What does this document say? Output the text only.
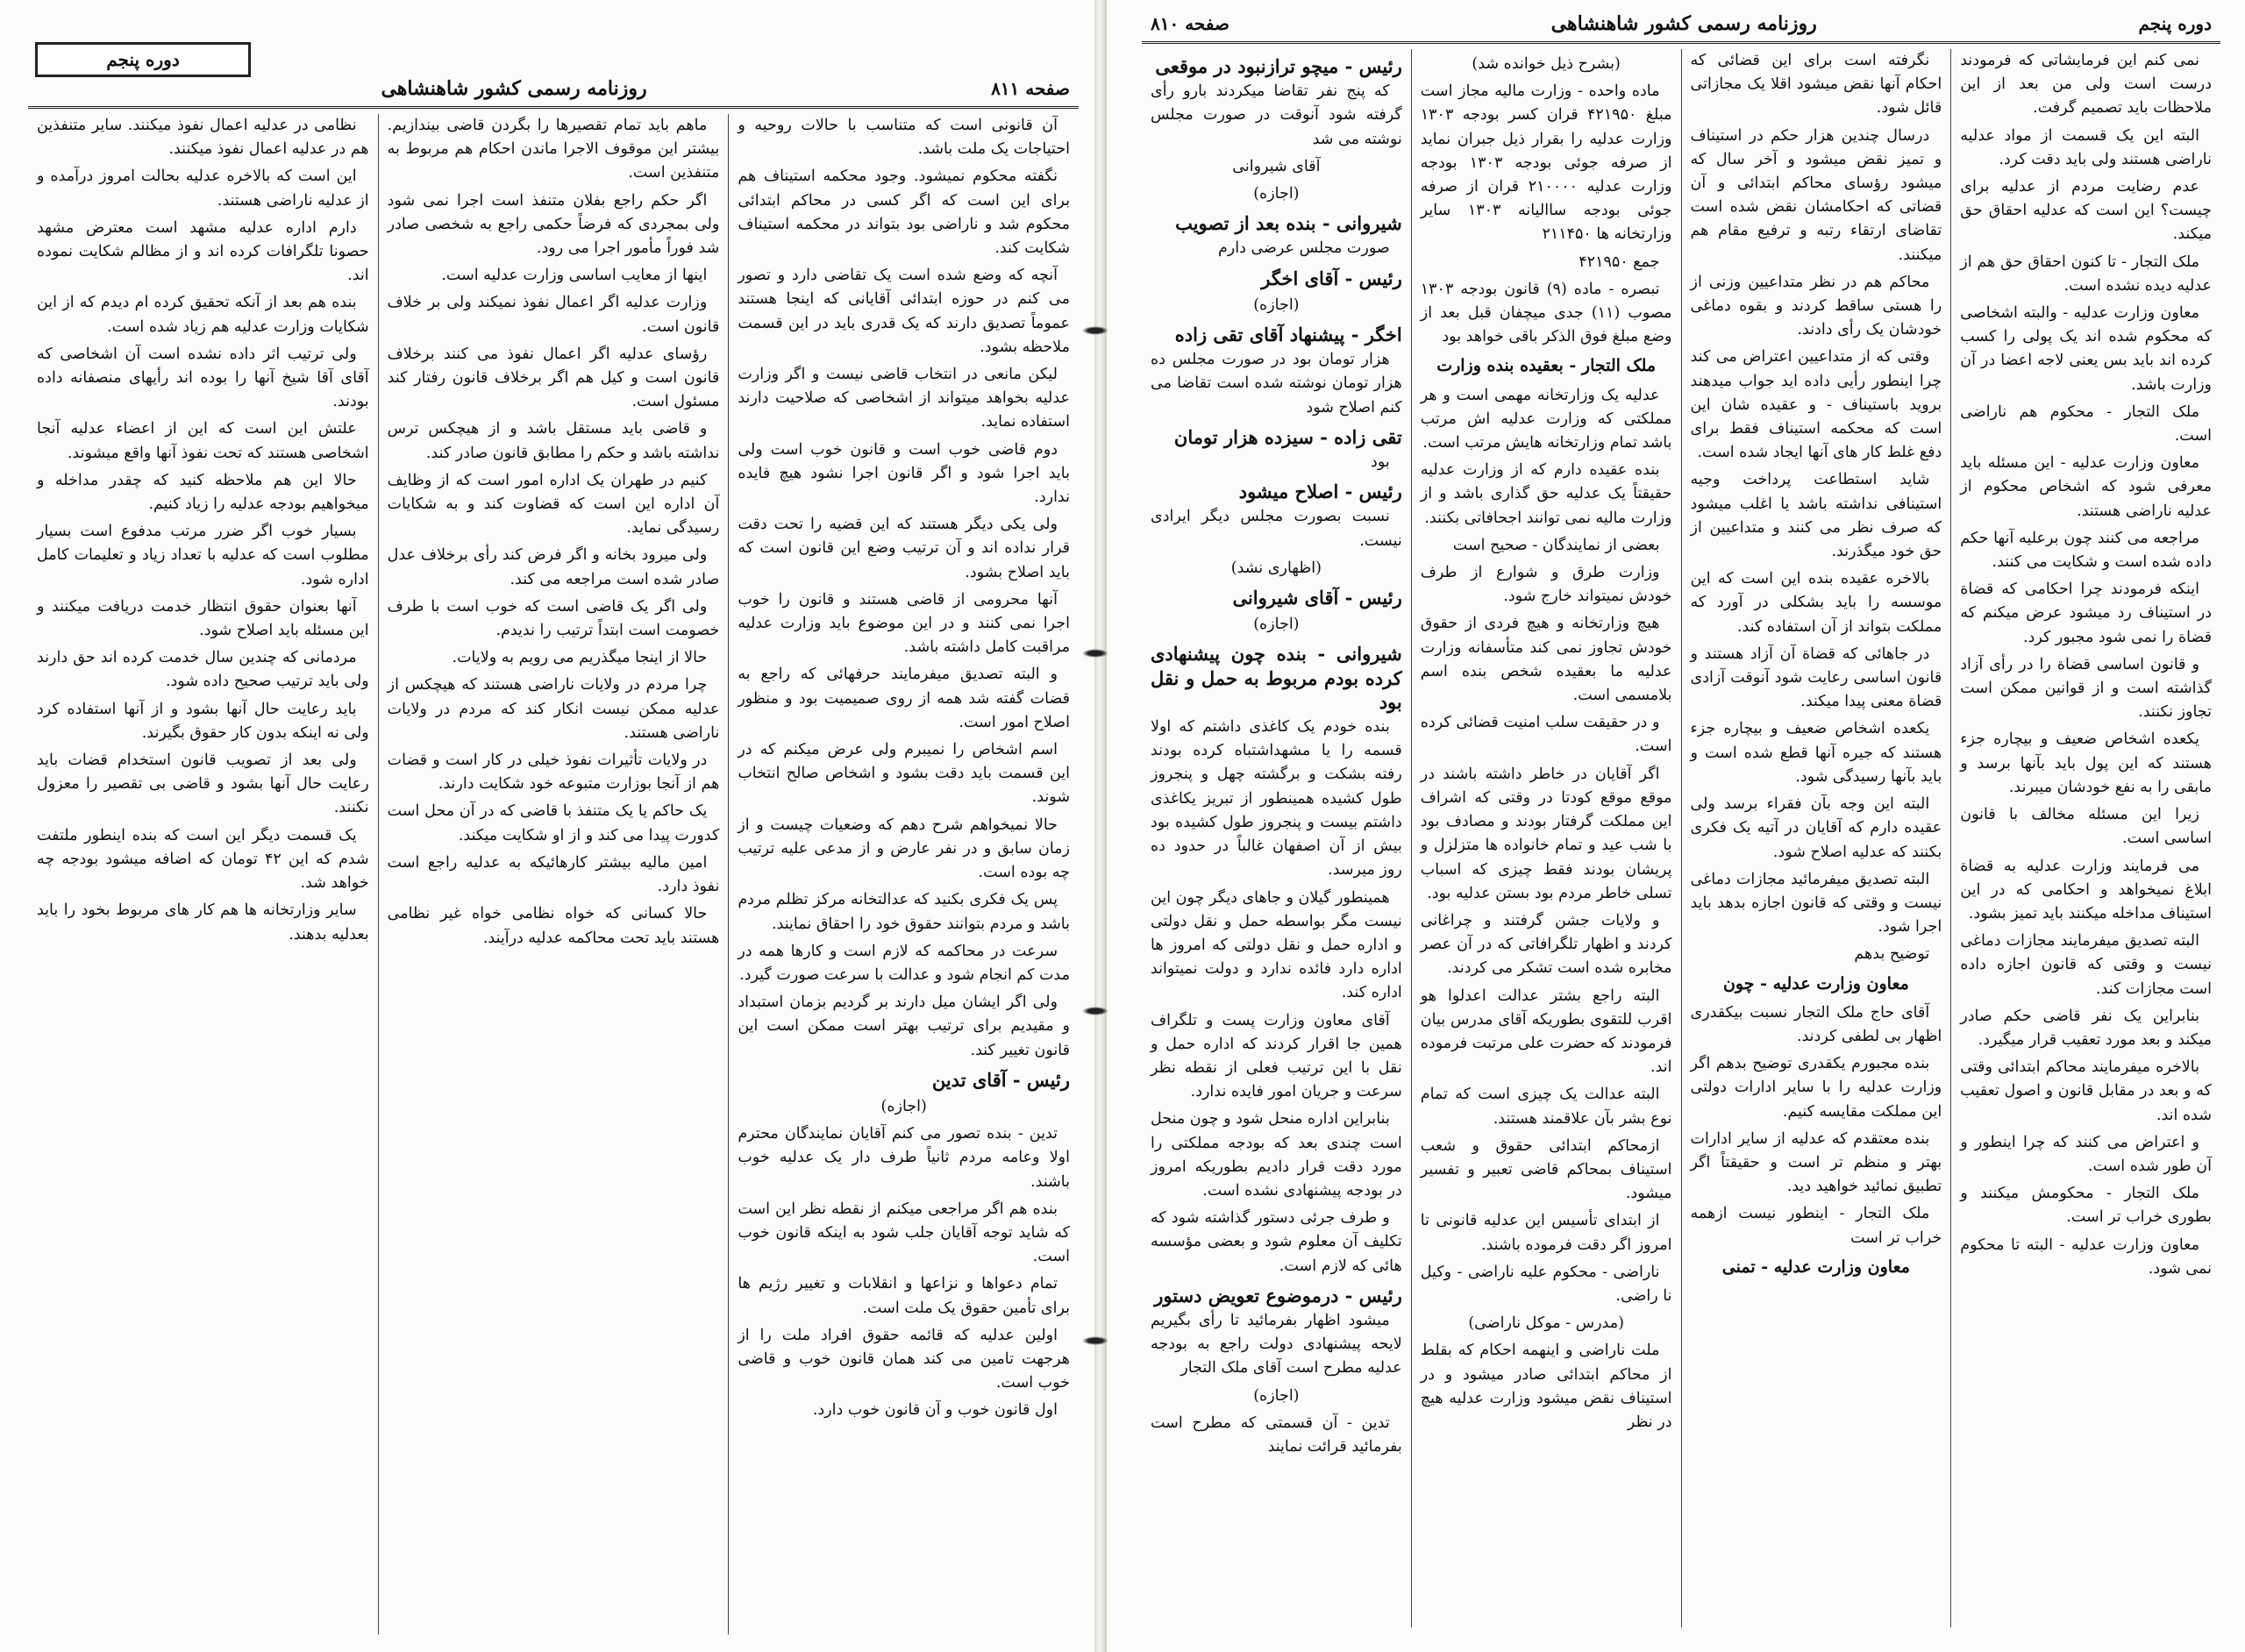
دوره پنجم
صفحه ۸۱۱
روزنامه رسمی کشور شاهنشاهی

آن قانونی است که متناسب با حالات روحیه و احتیاجات یک ملت باشد.

نگفته محکوم نمیشود. وجود محکمه استیناف هم برای این است که اگر کسی در محاکم ابتدائی محکوم شد و ناراضی بود بتواند در محکمه استیناف شکایت کند.

آنچه که وضع شده است یک تقاضی دارد و تصور می کنم در حوزه ابتدائی آقایانی که اینجا هستند عموماً تصدیق دارند که یک قدری باید در این قسمت ملاحظه بشود.

لیکن مانعی در انتخاب قاضی نیست و اگر وزارت عدلیه بخواهد میتواند از اشخاصی که صلاحیت دارند استفاده نماید.

دوم قاضی خوب است و قانون خوب است ولی باید اجرا شود و اگر قانون اجرا نشود هیچ فایده ندارد.

ولی یکی دیگر هستند که این قضیه را تحت دقت قرار نداده اند و آن ترتیب وضع این قانون است که باید اصلاح بشود.

آنها محرومی از قاضی هستند و قانون را خوب اجرا نمی کنند و در این موضوع باید وزارت عدلیه مراقبت کامل داشته باشد.

و البته تصدیق میفرمایند حرفهائی که راجع به قضات گفته شد همه از روی صمیمیت بود و منظور اصلاح امور است.

اسم اشخاص را نمیبرم ولی عرض میکنم که در این قسمت باید دقت بشود و اشخاص صالح انتخاب شوند.

حالا نمیخواهم شرح دهم که وضعیات چیست و از زمان سابق و در نفر عارض و از مدعی علیه ترتیب چه بوده است.

پس یک فکری بکنید که عدالتخانه مرکز تظلم مردم باشد و مردم بتوانند حقوق خود را احقاق نمایند.

سرعت در محاکمه که لازم است و کارها همه در مدت کم انجام شود و عدالت با سرعت صورت گیرد.

ولی اگر ایشان میل دارند بر گردیم بزمان استبداد و مقیدیم برای ترتیب بهتر است ممکن است این قانون تغییر کند.

رئیس - آقای تدین

(اجازه)

تدین - بنده تصور می کنم آقایان نمایندگان محترم اولا وعامه مردم ثانیاً طرف دار یک عدلیه خوب باشند.

بنده هم اگر مراجعی میکنم از نقطه نظر این است که شاید توجه آقایان جلب شود به اینکه قانون خوب است.

تمام دعواها و نزاعها و انقلابات و تغییر رژیم ها برای تأمین حقوق یک ملت است.

اولین عدلیه که قائمه حقوق افراد ملت را از هرجهت تامین می کند همان قانون خوب و قاضی خوب است.

اول قانون خوب و آن قانون خوب دارد.

ماهم باید تمام تقصیرها را بگردن قاضی بیندازیم. بیشتر این موقوف الاجرا ماندن احکام هم مربوط به متنفذین است.

اگر حکم راجع بفلان متنفذ است اجرا نمی شود ولی بمجردی که فرضاً حکمی راجع به شخصی صادر شد فوراً مأمور اجرا می رود.

اینها از معایب اساسی وزارت عدلیه است.

وزارت عدلیه اگر اعمال نفوذ نمیکند ولی بر خلاف قانون است.

رؤسای عدلیه اگر اعمال نفوذ می کنند برخلاف قانون است و کیل هم اگر برخلاف قانون رفتار کند مسئول است.

و قاضی باید مستقل باشد و از هیچکس ترس نداشته باشد و حکم را مطابق قانون صادر کند.

کنیم در طهران یک اداره امور است که از وظایف آن اداره این است که قضاوت کند و به شکایات رسیدگی نماید.

ولی میرود بخانه و اگر فرض کند رأی برخلاف عدل صادر شده است مراجعه می کند.

ولی اگر یک قاضی است که خوب است با طرف خصومت است ابتداً ترتیب را ندیدم.

حالا از اینجا میگذریم می رویم به ولایات.

چرا مردم در ولایات ناراضی هستند که هیچکس از عدلیه ممکن نیست انکار کند که مردم در ولایات ناراضی هستند.

در ولایات تأثیرات نفوذ خیلی در کار است و قضات هم از آنجا بوزارت متبوعه خود شکایت دارند.

یک حاکم یا یک متنفذ با قاضی که در آن محل است کدورت پیدا می کند و از او شکایت میکند.

امین مالیه بیشتر کارهائیکه به عدلیه راجع است نفوذ دارد.

حالا کسانی که خواه نظامی خواه غیر نظامی هستند باید تحت محاکمه عدلیه درآیند.

نظامی در عدلیه اعمال نفوذ میکنند. سایر متنفذین هم در عدلیه اعمال نفوذ میکنند.

این است که بالاخره عدلیه بحالت امروز درآمده و از عدلیه ناراضی هستند.

دارم اداره عدلیه مشهد است معترض مشهد حصونا تلگرافات کرده اند و از مظالم شکایت نموده اند.

بنده هم بعد از آنکه تحقیق کرده ام دیدم که از این شکایات وزارت عدلیه هم زیاد شده است.

ولی ترتیب اثر داده نشده است آن اشخاصی که آقای آقا شیخ آنها را بوده اند رأیهای منصفانه داده بودند.

علتش این است که این از اعضاء عدلیه آنجا اشخاصی هستند که تحت نفوذ آنها واقع میشوند.

حالا این هم ملاحظه کنید که چقدر مداخله و میخواهیم بودجه عدلیه را زیاد کنیم.

بسیار خوب اگر ضرر مرتب مدفوع است بسیار مطلوب است که عدلیه با تعداد زیاد و تعلیمات کامل اداره شود.

آنها بعنوان حقوق انتظار خدمت دریافت میکنند و این مسئله باید اصلاح شود.

مردمانی که چندین سال خدمت کرده اند حق دارند ولی باید ترتیب صحیح داده شود.

باید رعایت حال آنها بشود و از آنها استفاده کرد ولی نه اینکه بدون کار حقوق بگیرند.

ولی بعد از تصویب قانون استخدام قضات باید رعایت حال آنها بشود و قاضی بی تقصیر را معزول نکنند.

یک قسمت دیگر این است که بنده اینطور ملتفت شدم که این ۴۲ تومان که اضافه میشود بودجه چه خواهد شد.

سایر وزارتخانه ها هم کار های مربوط بخود را باید بعدلیه بدهند.

دوره پنجم
روزنامه رسمی کشور شاهنشاهی
صفحه ۸۱۰

نمی کنم این فرمایشاتی که فرمودند درست است ولی من بعد از این ملاحظات باید تصمیم گرفت.

البته این یک قسمت از مواد عدلیه ناراضی هستند ولی باید دقت کرد.

عدم رضایت مردم از عدلیه برای چیست؟ این است که عدلیه احقاق حق میکند.

ملک التجار - تا کنون احقاق حق هم از عدلیه دیده نشده است.

معاون وزارت عدلیه - والبته اشخاصی که محکوم شده اند یک پولی را کسب کرده اند باید بس یعنی لاجه اعضا در آن وزارت باشد.

ملک التجار - محکوم هم ناراضی است.

معاون وزارت عدلیه - این مسئله باید معرفی شود که اشخاص محکوم از عدلیه ناراضی هستند.

مراجعه می کنند چون برعلیه آنها حکم داده شده است و شکایت می کنند.

اینکه فرمودند چرا احکامی که قضاة در استیناف رد میشود عرض میکنم که قضاة را نمی شود مجبور کرد.

و قانون اساسی قضاة را در رأی آزاد گذاشته است و از قوانین ممکن است تجاوز نکنند.

یکعده اشخاص ضعیف و بیچاره جزء هستند که این پول باید بآنها برسد و مابقی را به نفع خودشان میبرند.

زیرا این مسئله مخالف با قانون اساسی است.

می فرمایند وزارت عدلیه به قضاة ابلاغ نمیخواهد و احکامی که در این استیناف مداخله میکنند باید تمیز بشود.

البته تصدیق میفرمایند مجازات دماغی نیست و وقتی که قانون اجازه داده است مجازات کند.

بنابراین یک نفر قاضی حکم صادر میکند و بعد مورد تعقیب قرار میگیرد.

بالاخره میفرمایند محاکم ابتدائی وقتی که و بعد در مقابل قانون و اصول تعقیب شده اند.

و اعتراض می کنند که چرا اینطور و آن طور شده است.

ملک التجار - محکومش میکنند و بطوری خراب تر است.

معاون وزارت عدلیه - البته تا محکوم نمی شود.

نگرفته است برای این قضائی که احکام آنها نقض میشود اقلا یک مجازاتی قائل شود.

درسال چندین هزار حکم در استیناف و تمیز نقض میشود و آخر سال که میشود رؤسای محاکم ابتدائی و آن قضاتی که احکامشان نقض شده است تقاضای ارتقاء رتبه و ترفیع مقام هم میکنند.

محاکم هم در نظر متداعیین وزنی از را هستی ساقط کردند و بقوه دماغی خودشان یک رأی دادند.

وقتی که از متداعیین اعتراض می کند چرا اینطور رأیی داده اید جواب میدهند بروید باستیناف - و عقیده شان این است که محکمه استیناف فقط برای دفع غلط کار های آنها ایجاد شده است.

شاید استطاعت پرداخت وجیه استینافی نداشته باشد یا اغلب میشود که صرف نظر می کنند و متداعیین از حق خود میگذرند.

بالاخره عقیده بنده این است که این موسسه را باید بشکلی در آورد که مملکت بتواند از آن استفاده کند.

در جاهائی که قضاة آن آزاد هستند و قانون اساسی رعایت شود آنوقت آزادی قضاة معنی پیدا میکند.

یکعده اشخاص ضعیف و بیچاره جزء هستند که جیره آنها قطع شده است و باید بآنها رسیدگی شود.

البته این وجه بآن فقراء برسد ولی عقیده دارم که آقایان در آتیه یک فکری بکنند که عدلیه اصلاح شود.

البته تصدیق میفرمائید مجازات دماغی نیست و وقتی که قانون اجازه بدهد باید اجرا شود.

توضیح بدهم

معاون وزارت عدلیه - چون

آقای حاج ملک التجار نسبت بیکقدری اظهار بی لطفی کردند.

بنده مجبورم یکقدری توضیح بدهم اگر وزارت عدلیه را با سایر ادارات دولتی این مملکت مقایسه کنیم.

بنده معتقدم که عدلیه از سایر ادارات بهتر و منظم تر است و حقیقتاً اگر تطبیق نمائید خواهید دید.

ملک التجار - اینطور نیست ازهمه خراب تر است

معاون وزارت عدلیه - تمنی

(بشرح ذیل خوانده شد)

ماده واحده - وزارت مالیه مجاز است مبلغ ۴۲۱۹۵۰ قران کسر بودجه ۱۳۰۳ وزارت عدلیه را بقرار ذیل جبران نماید از صرفه جوئی بودجه ۱۳۰۳ بودجه وزارت عدلیه ۲۱۰۰۰۰ قران از صرفه جوئی بودجه ساالیانه ۱۳۰۳ سایر وزارتخانه ها ۲۱۱۴۵۰

جمع ۴۲۱۹۵۰

تبصره - ماده (۹) قانون بودجه ۱۳۰۳ مصوب (۱۱) جدی میچفان قبل بعد از وضع مبلغ فوق الذکر باقی خواهد بود

ملک التجار - بعقیده بنده وزارت

عدلیه یک وزارتخانه مهمی است و هر مملکتی که وزارت عدلیه اش مرتب باشد تمام وزارتخانه هایش مرتب است.

بنده عقیده دارم که از وزارت عدلیه حقیقتاً یک عدلیه حق گذاری باشد و از وزارت مالیه نمی توانند اجحافاتی بکنند.

بعضی از نمایندگان - صحیح است

وزارت طرق و شوارع از طرف خودش نمیتواند خارج شود.

هیچ وزارتخانه و هیچ فردی از حقوق خودش تجاوز نمی کند متأسفانه وزارت عدلیه ما بعقیده شخص بنده اسم بلامسمی است.

و در حقیقت سلب امنیت قضائی کرده است.

اگر آقایان در خاطر داشته باشند در موقع موقع کودتا در وقتی که اشراف این مملکت گرفتار بودند و مصادف بود با شب عید و تمام خانواده ها متزلزل و پریشان بودند فقط چیزی که اسباب تسلی خاطر مردم بود بستن عدلیه بود.

و ولایات جشن گرفتند و چراغانی کردند و اظهار تلگرافاتی که در آن عصر مخابره شده است تشکر می کردند.

البته راجع بشتر عدالت اعدلوا هو اقرب للتقوی بطوریکه آقای مدرس بیان فرمودند که حضرت علی مرتبت فرموده اند.

البته عدالت یک چیزی است که تمام نوع بشر بآن علاقمند هستند.

ازمحاکم ابتدائی حقوق و شعب استیناف بمحاکم قاضی تعبیر و تفسیر میشود.

از ابتدای تأسیس این عدلیه قانونی تا امروز اگر دقت فرموده باشند.

ناراضی - محکوم علیه ناراضی - وکیل نا راضی.

(مدرس - موکل ناراضی)

ملت ناراضی و اینهمه احکام که بقلط از محاکم ابتدائی صادر میشود و در استیناف نقض میشود وزارت عدلیه هیچ در نظر

رئیس - میچو ترازنبود در موقعی

که پنج نفر تقاضا میکردند بارو رأی گرفته شود آنوقت در صورت مجلس نوشته می شد

آقای شیروانی

(اجازه)

شیروانی - بنده بعد از تصویب

صورت مجلس عرضی دارم

رئیس - آقای اخگر

(اجازه)

اخگر - پیشنهاد آقای تقی زاده

هزار تومان بود در صورت مجلس ده هزار تومان نوشته شده است تقاضا می کنم اصلاح شود

تقی زاده - سیزده هزار تومان

بود

رئیس - اصلاح میشود

نسبت بصورت مجلس دیگر ایرادی نیست.

(اظهاری نشد)

رئیس - آقای شیروانی

(اجازه)

شیروانی - بنده چون پیشنهادی کرده بودم مربوط به حمل و نقل بود

بنده خودم یک کاغذی داشتم که اولا قسمه را یا مشهداشتباه کرده بودند رفته بشکت و برگشته چهل و پنجروز طول کشیده همینطور از تبریز یکاغذی داشتم بیست و پنجروز طول کشیده بود بیش از آن اصفهان غالباً در حدود ده روز میرسد.

همینطور گیلان و جاهای دیگر چون این نیست مگر بواسطه حمل و نقل دولتی و اداره حمل و نقل دولتی که امروز ها اداره دارد فائده ندارد و دولت نمیتواند اداره کند.

آقای معاون وزارت پست و تلگراف همین جا اقرار کردند که اداره حمل و نقل با این ترتیب فعلی از نقطه نظر سرعت و جریان امور فایده ندارد.

بنابراین اداره منحل شود و چون منحل است چندی بعد که بودجه مملکتی را مورد دقت قرار دادیم بطوریکه امروز در بودجه پیشنهادی نشده است.

و طرف جرئی دستور گذاشته شود که تکلیف آن معلوم شود و بعضی مؤسسه هائی که لازم است.

رئیس - درموضوع تعویض دستور

میشود اظهار بفرمائید تا رأی بگیریم لایحه پیشنهادی دولت راجع به بودجه عدلیه مطرح است آقای ملک التجار

(اجازه)

تدین - آن قسمتی که مطرح است بفرمائید قرائت نمایند
